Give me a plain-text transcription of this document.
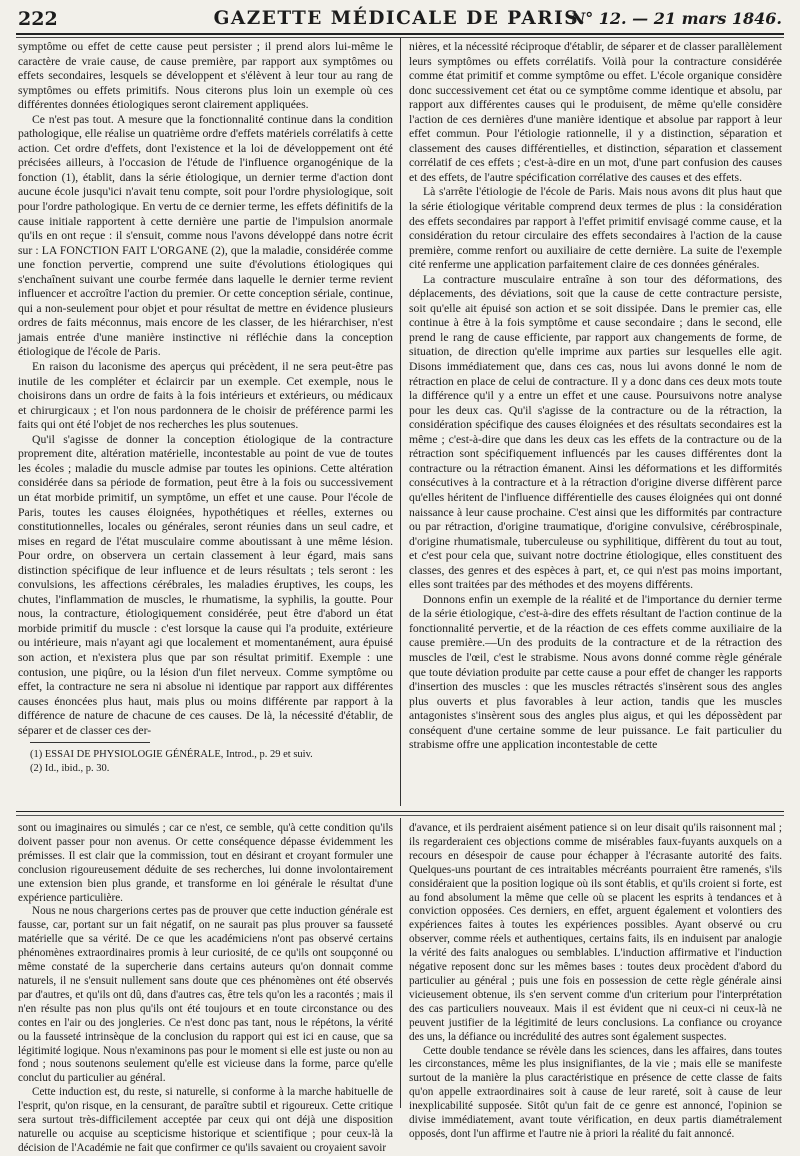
222	GAZETTE MÉDICALE DE PARIS.
N° 12. — 21 mars 1846.

symptôme ou effet de cette cause peut persister ; il prend alors lui-même le caractère de vraie cause, de cause première, par rapport aux symptômes ou effets secondaires, lesquels se développent et s'élèvent à leur tour au rang de symptômes ou effets primitifs. Nous citerons plus loin un exemple où ces différentes données étiologiques seront clairement appliquées.

Ce n'est pas tout. A mesure que la fonctionnalité continue dans la condition pathologique, elle réalise un quatrième ordre d'effets matériels corrélatifs à cette action. Cet ordre d'effets, dont l'existence et la loi de développement ont été précisées ailleurs, à l'occasion de l'étude de l'influence organogénique de la fonction (1), établit, dans la série étiologique, un dernier terme d'action dont aucune école jusqu'ici n'avait tenu compte, soit pour l'ordre physiologique, soit pour l'ordre pathologique. En vertu de ce dernier terme, les effets définitifs de la cause initiale rapportent à cette dernière une partie de l'impulsion anormale qu'ils en ont reçue : il s'ensuit, comme nous l'avons développé dans notre écrit sur : LA FONCTION FAIT L'ORGANE (2), que la maladie, considérée comme une fonction pervertie, comprend une suite d'évolutions étiologiques qui s'enchaînent suivant une courbe fermée dans laquelle le dernier terme revient influencer et accroître l'action du premier. Or cette conception sériale, continue, qui a non-seulement pour objet et pour résultat de mettre en évidence plusieurs ordres de faits méconnus, mais encore de les classer, de les hiérarchiser, n'est jamais entrée d'une manière instinctive ni réfléchie dans la conception étiologique de l'école de Paris.

En raison du laconisme des aperçus qui précèdent, il ne sera peut-être pas inutile de les compléter et éclaircir par un exemple. Cet exemple, nous le choisirons dans un ordre de faits à la fois intérieurs et extérieurs, ou médicaux et chirurgicaux ; et l'on nous pardonnera de le choisir de préférence parmi les faits qui ont été l'objet de nos recherches les plus soutenues.

Qu'il s'agisse de donner la conception étiologique de la contracture proprement dite, altération matérielle, incontestable au point de vue de toutes les écoles ; maladie du muscle admise par toutes les opinions. Cette altération considérée dans sa période de formation, peut être à la fois ou successivement un état morbide primitif, un symptôme, un effet et une cause. Pour l'école de Paris, toutes les causes éloignées, hypothétiques et réelles, externes ou constitutionnelles, locales ou générales, seront réunies dans un seul cadre, et mises en regard de l'état musculaire comme aboutissant à une même lésion. Pour ordre, on observera un certain classement à leur égard, mais sans distinction spécifique de leur influence et de leurs résultats ; tels seront : les convulsions, les affections cérébrales, les maladies éruptives, les coups, les chutes, l'inflammation de muscles, le rhumatisme, la syphilis, la goutte. Pour nous, la contracture, étiologiquement considérée, peut être d'abord un état morbide primitif du muscle : c'est lorsque la cause qui l'a produite, extérieure ou intérieure, mais n'ayant agi que localement et momentanément, aura épuisé son action, et n'existera plus que par son résultat primitif. Exemple : une contusion, une piqûre, ou la lésion d'un filet nerveux. Comme symptôme ou effet, la contracture ne sera ni absolue ni identique par rapport aux différentes causes énoncées plus haut, mais plus ou moins différente par rapport à la différence de nature de chacune de ces causes. De là, la nécessité d'établir, de séparer et de classer ces der-

nières, et la nécessité réciproque d'établir, de séparer et de classer parallèlement leurs symptômes ou effets corrélatifs. Voilà pour la contracture considérée comme état primitif et comme symptôme ou effet. L'école organique considère donc successivement cet état ou ce symptôme comme identique et absolu, par rapport aux différentes causes qui le produisent, de même qu'elle considère l'action de ces dernières d'une manière identique et absolue par rapport à leur effet commun. Pour l'étiologie rationnelle, il y a distinction, séparation et classement des causes différentielles, et distinction, séparation et classement corrélatif de ces effets ; c'est-à-dire en un mot, d'une part confusion des causes et des effets, de l'autre spécification corrélative des causes et des effets.

Là s'arrête l'étiologie de l'école de Paris. Mais nous avons dit plus haut que la série étiologique véritable comprend deux termes de plus : la considération des effets secondaires par rapport à l'effet primitif envisagé comme cause, et la considération du retour circulaire des effets secondaires à l'action de la cause première, comme renfort ou auxiliaire de cette dernière. La suite de l'exemple cité renferme une application parfaitement claire de ces données générales.

La contracture musculaire entraîne à son tour des déformations, des déplacements, des déviations, soit que la cause de cette contracture persiste, soit qu'elle ait épuisé son action et se soit dissipée. Dans le premier cas, elle continue à être à la fois symptôme et cause secondaire ; dans le second, elle prend le rang de cause efficiente, par rapport aux changements de forme, de situation, de direction qu'elle imprime aux parties sur lesquelles elle agit. Disons immédiatement que, dans ces cas, nous lui avons donné le nom de rétraction en place de celui de contracture. Il y a donc dans ces deux mots toute la différence qu'il y a entre un effet et une cause. Poursuivons notre analyse pour les deux cas. Qu'il s'agisse de la contracture ou de la rétraction, la considération spécifique des causes éloignées et des résultats secondaires est la même ; c'est-à-dire que dans les deux cas les effets de la contracture ou de la rétraction sont spécifiquement influencés par les causes différentes dont la contracture ou la rétraction émanent. Ainsi les déformations et les difformités consécutives à la contracture et à la rétraction d'origine diverse diffèrent parce qu'elles héritent de l'influence différentielle des causes éloignées qui ont donné naissance à leur cause prochaine. C'est ainsi que les difformités par contracture ou par rétraction, d'origine traumatique, d'origine convulsive, cérébrospinale, d'origine rhumatismale, tuberculeuse ou syphilitique, diffèrent du tout au tout, et c'est pour cela que, suivant notre doctrine étiologique, elles constituent des classes, des genres et des espèces à part, et, ce qui n'est pas moins important, elles sont traitées par des méthodes et des moyens différents.

Donnons enfin un exemple de la réalité et de l'importance du dernier terme de la série étiologique, c'est-à-dire des effets résultant de l'action continue de la fonctionnalité pervertie, et de la réaction de ces effets comme auxiliaire de la cause première.—Un des produits de la contracture et de la rétraction des muscles de l'œil, c'est le strabisme. Nous avons donné comme règle générale que toute déviation produite par cette cause a pour effet de changer les rapports d'insertion des muscles : que les muscles rétractés s'insèrent sous des angles plus ouverts et plus favorables à leur action, tandis que les muscles antagonistes s'insèrent sous des angles plus aigus, et qui les dépossèdent par conséquent d'une certaine somme de leur puissance. Le fait particulier du strabisme offre une application incontestable de cette

(1) ESSAI DE PHYSIOLOGIE GÉNÉRALE, Introd., p. 29 et suiv.
(2) Id., ibid., p. 30.

sont ou imaginaires ou simulés ; car ce n'est, ce semble, qu'à cette condition qu'ils doivent passer pour non avenus. Or cette conséquence dépasse évidemment les prémisses. Il est clair que la commission, tout en désirant et croyant formuler une conclusion rigoureusement déduite de ses recherches, lui donne involontairement une extension bien plus grande, et transforme en loi générale le résultat d'une expérience particulière.

Nous ne nous chargerions certes pas de prouver que cette induction générale est fausse, car, portant sur un fait négatif, on ne saurait pas plus prouver sa fausseté matérielle que sa vérité. De ce que les académiciens n'ont pas observé certains phénomènes extraordinaires promis à leur curiosité, de ce qu'ils ont soupçonné ou même constaté de la supercherie dans certains auteurs qu'on donnait comme naturels, il ne s'ensuit nullement sans doute que ces phénomènes ont été observés par d'autres, et qu'ils ont dû, dans d'autres cas, être tels qu'on les a racontés ; mais il n'en résulte pas non plus qu'ils ont été toujours et en toute circonstance ou des contes en l'air ou des jongleries. Ce n'est donc pas tant, nous le répétons, la vérité ou la fausseté intrinsèque de la conclusion du rapport qui est ici en cause, que sa légitimité logique. Nous n'examinons pas pour le moment si elle est juste ou non au fond ; nous soutenons seulement qu'elle est vicieuse dans la forme, parce qu'elle conclut du particulier au général.

Cette induction est, du reste, si naturelle, si conforme à la marche habituelle de l'esprit, qu'on risque, en la censurant, de paraître subtil et rigoureux. Cette critique sera surtout très-difficilement acceptée par ceux qui ont déjà une disposition naturelle ou acquise au scepticisme historique et scientifique ; pour ceux-là la décision de l'Académie ne fait que confirmer ce qu'ils savaient ou croyaient savoir

d'avance, et ils perdraient aisément patience si on leur disait qu'ils raisonnent mal ; ils regarderaient ces objections comme de misérables faux-fuyants auxquels on a recours en désespoir de cause pour échapper à l'écrasante autorité des faits. Quelques-uns pourtant de ces intraitables mécréants pourraient être ramenés, s'ils considéraient que la position logique où ils sont établis, et qu'ils croient si forte, est au fond absolument la même que celle où se placent les esprits à tendances et à conviction opposées. Ces derniers, en effet, arguent également et volontiers des expériences faites à toutes les expériences possibles. Ayant observé ou cru observer, comme réels et authentiques, certains faits, ils en induisent par analogie la vérité des faits analogues ou semblables. L'induction affirmative et l'induction négative reposent donc sur les mêmes bases : toutes deux procèdent d'abord du particulier au général ; puis une fois en possession de cette règle générale ainsi vicieusement obtenue, ils s'en servent comme d'un criterium pour l'interprétation des cas particuliers nouveaux. Mais il est évident que ni ceux-ci ni ceux-là ne peuvent justifier de la légitimité de leurs conclusions. La confiance ou croyance des uns, la défiance ou incrédulité des autres sont également suspectes.

Cette double tendance se révèle dans les sciences, dans les affaires, dans toutes les circonstances, même les plus insignifiantes, de la vie ; mais elle se manifeste surtout de la manière la plus caractéristique en présence de cette classe de faits qu'on appelle extraordinaires soit à cause de leur rareté, soit à cause de leur inexplicabilité supposée. Sitôt qu'un fait de ce genre est annoncé, l'opinion se divise immédiatement, avant toute vérification, en deux partis diamétralement opposés, dont l'un affirme et l'autre nie à priori la réalité du fait annoncé.
